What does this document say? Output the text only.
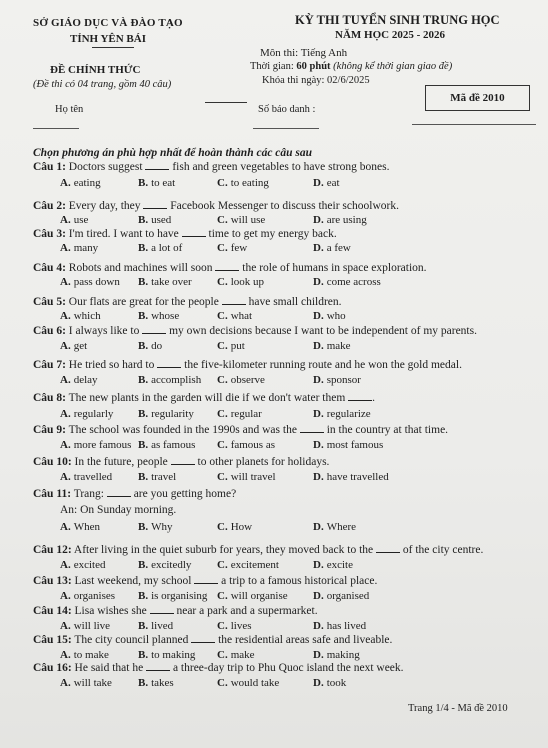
SỞ GIÁO DỤC VÀ ĐÀO TẠO
TỈNH YÊN BÁI
KỲ THI TUYỂN SINH TRUNG HỌC
NĂM HỌC 2025 - 2026
Môn thi: Tiếng Anh
ĐỀ CHÍNH THỨC	Thời gian: 60 phút (không kể thời gian giao đề)
Khóa thi ngày: 02/6/2025
(Đề thi có 04 trang, gồm 40 câu)
Mã đề 2010
Họ tên	Số báo danh :
Chọn phương án phù hợp nhất để hoàn thành các câu sau
Câu 1: Doctors suggest  fish and green vegetables to have strong bones.
A. eating	B. to eat	C. to eating	D. eat
Câu 2: Every day, they  Facebook Messenger to discuss their schoolwork.
A. use	B. used	C. will use	D. are using
Câu 3: I'm tired. I want to have  time to get my energy back.
A. many	B. a lot of	C. few	D. a few
Câu 4: Robots and machines will soon  the role of humans in space exploration.
A. pass down B. take over C. look up	D. come across
Câu 5: Our flats are great for the people  have small children.
A. which	B. whose	C. what	D. who
Câu 6: I always like to  my own decisions because I want to be independent of my parents.
A. get	B. do	C. put	D. make
Câu 7: He tried so hard to  the five-kilometer running route and he won the gold medal.
A. delay	B. accomplish C. observe	D. sponsor
Câu 8: The new plants in the garden will die if we don't water them .
A. regularly B. regularity C. regular	D. regularize
Câu 9: The school was founded in the 1990s and was the  in the country at that time.
A. more famous B. as famous C. famous as	D. most famous
Câu 10: In the future, people  to other planets for holidays.
A. travelled B. travel	C. will travel	D. have travelled
Câu 11: Trang:  are you getting home?
An: On Sunday morning.
A. When	B. Why	C. How	D. Where
Câu 12: After living in the quiet suburb for years, they moved back to the  of the city centre.
A. excited	B. excitedly C. excitement	D. excite
Câu 13: Last weekend, my school  a trip to a famous historical place.
A. organises B. is organising C. will organise D. organised
Câu 14: Lisa wishes she  near a park and a supermarket.
A. will live	B. lived	C. lives	D. has lived
Câu 15: The city council planned  the residential areas safe and liveable.
A. to make	B. to making C. make	D. making
Câu 16: He said that he  a three-day trip to Phu Quoc island the next week.
A. will take B. takes	C. would take	D. took
Trang 1/4 - Mã đề 2010
